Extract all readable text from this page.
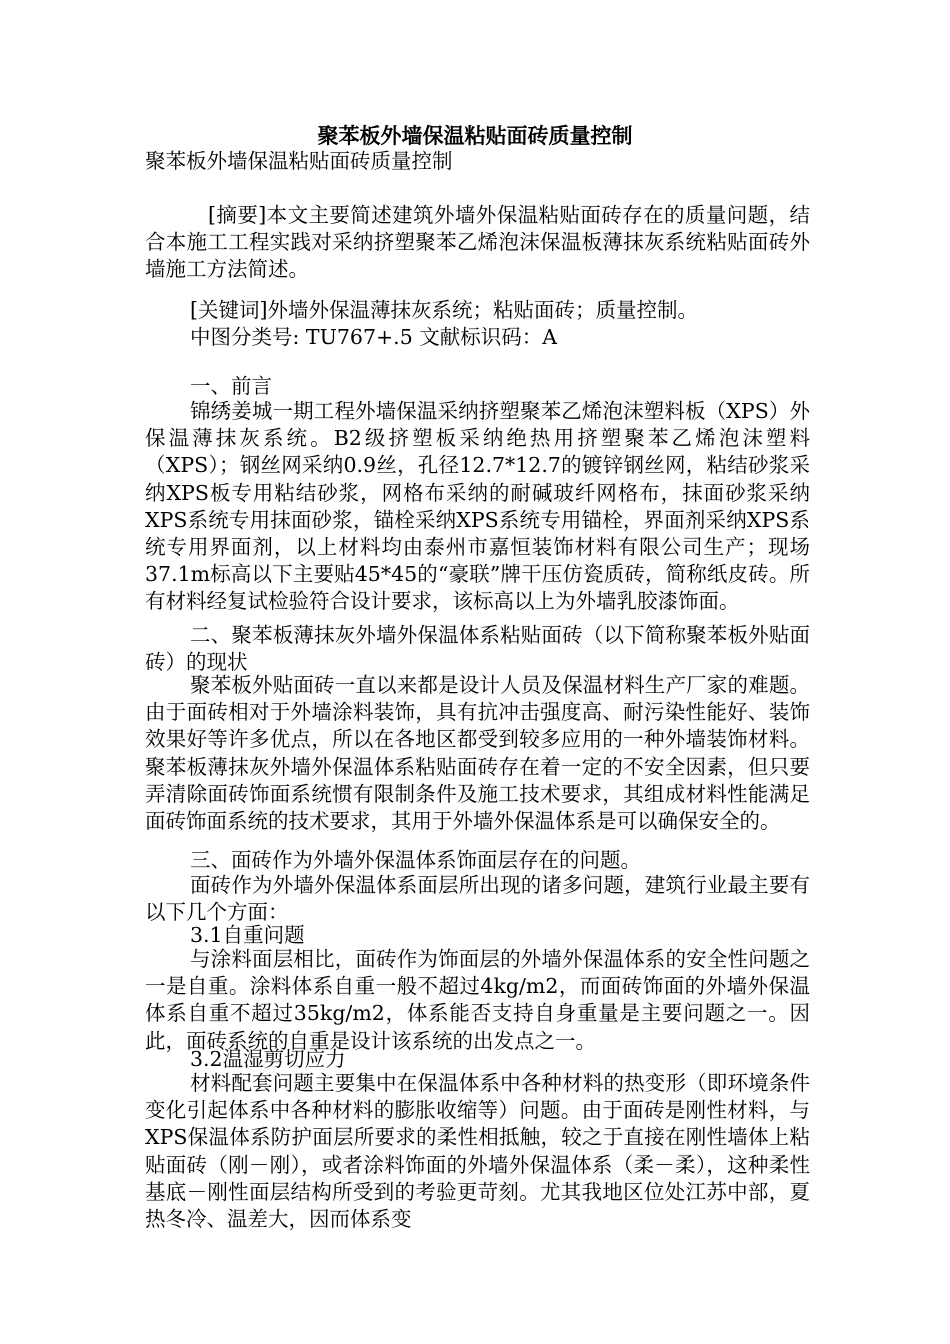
聚苯板外墙保温粘贴面砖质量控制

聚苯板外墙保温粘贴面砖质量控制

[摘要]本文主要简述建筑外墙外保温粘贴面砖存在的质量问题，结合本施工工程实践对采纳挤塑聚苯乙烯泡沫保温板薄抹灰系统粘贴面砖外墙施工方法简述。

[关键词]外墙外保温薄抹灰系统；粘贴面砖；质量控制。

中图分类号: TU767+.5 文献标识码：A

一、前言

锦绣姜城一期工程外墙保温采纳挤塑聚苯乙烯泡沫塑料板（XPS）外保温薄抹灰系统。B2级挤塑板采纳绝热用挤塑聚苯乙烯泡沫塑料（XPS）；钢丝网采纳0.9丝，孔径12.7*12.7的镀锌钢丝网，粘结砂浆采纳XPS板专用粘结砂浆，网格布采纳的耐碱玻纤网格布，抹面砂浆采纳XPS系统专用抹面砂浆，锚栓采纳XPS系统专用锚栓，界面剂采纳XPS系统专用界面剂，以上材料均由泰州市嘉恒装饰材料有限公司生产；现场37.1m标高以下主要贴45*45的“豪联”牌干压仿瓷质砖，简称纸皮砖。所有材料经复试检验符合设计要求，该标高以上为外墙乳胶漆饰面。

二、聚苯板薄抹灰外墙外保温体系粘贴面砖（以下简称聚苯板外贴面砖）的现状

聚苯板外贴面砖一直以来都是设计人员及保温材料生产厂家的难题。由于面砖相对于外墙涂料装饰，具有抗冲击强度高、耐污染性能好、装饰效果好等许多优点，所以在各地区都受到较多应用的一种外墙装饰材料。聚苯板薄抹灰外墙外保温体系粘贴面砖存在着一定的不安全因素，但只要弄清除面砖饰面系统惯有限制条件及施工技术要求，其组成材料性能满足面砖饰面系统的技术要求，其用于外墙外保温体系是可以确保安全的。

三、面砖作为外墙外保温体系饰面层存在的问题。

面砖作为外墙外保温体系面层所出现的诸多问题，建筑行业最主要有以下几个方面：

3.1自重问题

与涂料面层相比，面砖作为饰面层的外墙外保温体系的安全性问题之一是自重。涂料体系自重一般不超过4kg/m2，而面砖饰面的外墙外保温体系自重不超过35kg/m2，体系能否支持自身重量是主要问题之一。因此，面砖系统的自重是设计该系统的出发点之一。

3.2温湿剪切应力

材料配套问题主要集中在保温体系中各种材料的热变形（即环境条件变化引起体系中各种材料的膨胀收缩等）问题。由于面砖是刚性材料，与XPS保温体系防护面层所要求的柔性相抵触，较之于直接在刚性墙体上粘贴面砖（刚－刚），或者涂料饰面的外墙外保温体系（柔－柔），这种柔性基底－刚性面层结构所受到的考验更苛刻。尤其我地区位处江苏中部，夏热冬冷、温差大，因而体系变
